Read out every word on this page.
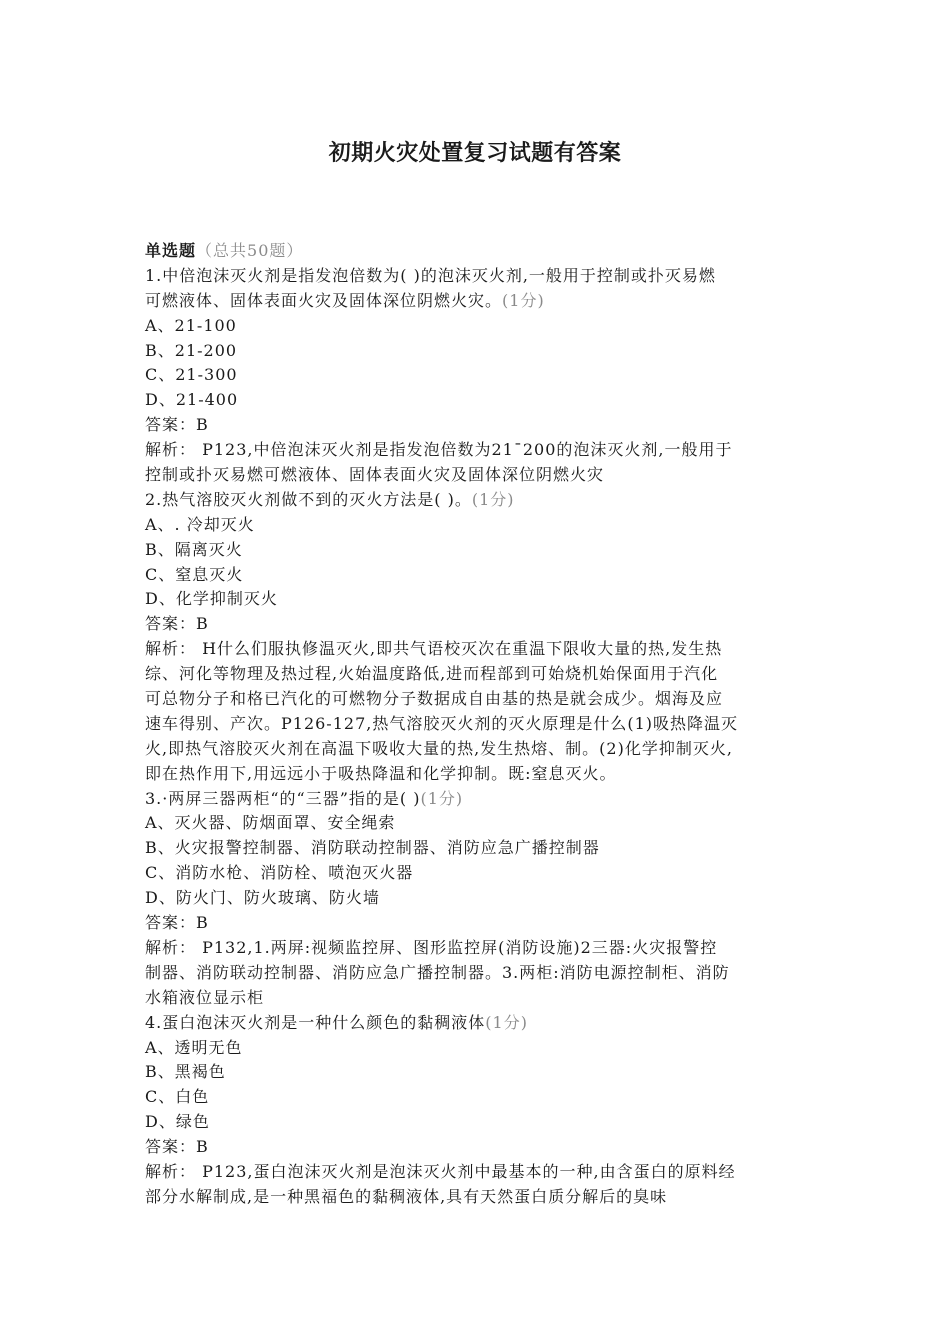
初期火灾处置复习试题有答案
单选题（总共50题）
1.中倍泡沫灭火剂是指发泡倍数为( )的泡沫灭火剂,一般用于控制或扑灭易燃
可燃液体、固体表面火灾及固体深位阴燃火灾。(1分)
A、21-100
B、21-200
C、21-300
D、21-400
答案：B
解析： P123,中倍泡沫灭火剂是指发泡倍数为21¯200的泡沫灭火剂,一般用于
控制或扑灭易燃可燃液体、固体表面火灾及固体深位阴燃火灾
2.热气溶胶灭火剂做不到的灭火方法是( )。(1分)
A、. 冷却灭火
B、隔离灭火
C、窒息灭火
D、化学抑制灭火
答案：B
解析： H什么们服执修温灭火,即共气语校灭次在重温下限收大量的热,发生热
综、河化等物理及热过程,火始温度路低,进而程部到可始烧机始保面用于汽化
可总物分子和格已汽化的可燃物分子数据成自由基的热是就会成少。烟海及应
速车得别、产次。P126-127,热气溶胶灭火剂的灭火原理是什么(1)吸热降温灭
火,即热气溶胶灭火剂在高温下吸收大量的热,发生热熔、制。(2)化学抑制灭火,
即在热作用下,用远远小于吸热降温和化学抑制。既:窒息灭火。
3.·两屏三器两柜“的“三器”指的是( )(1分)
A、灭火器、防烟面罩、安全绳索
B、火灾报警控制器、消防联动控制器、消防应急广播控制器
C、消防水枪、消防栓、喷泡灭火器
D、防火门、防火玻璃、防火墙
答案：B
解析： P132,1.两屏:视频监控屏、图形监控屏(消防设施)2三器:火灾报警控
制器、消防联动控制器、消防应急广播控制器。3.两柜:消防电源控制柜、消防
水箱液位显示柜
4.蛋白泡沫灭火剂是一种什么颜色的黏稠液体(1分)
A、透明无色
B、黑褐色
C、白色
D、绿色
答案：B
解析： P123,蛋白泡沫灭火剂是泡沫灭火剂中最基本的一种,由含蛋白的原料经
部分水解制成,是一种黑福色的黏稠液体,具有天然蛋白质分解后的臭味
